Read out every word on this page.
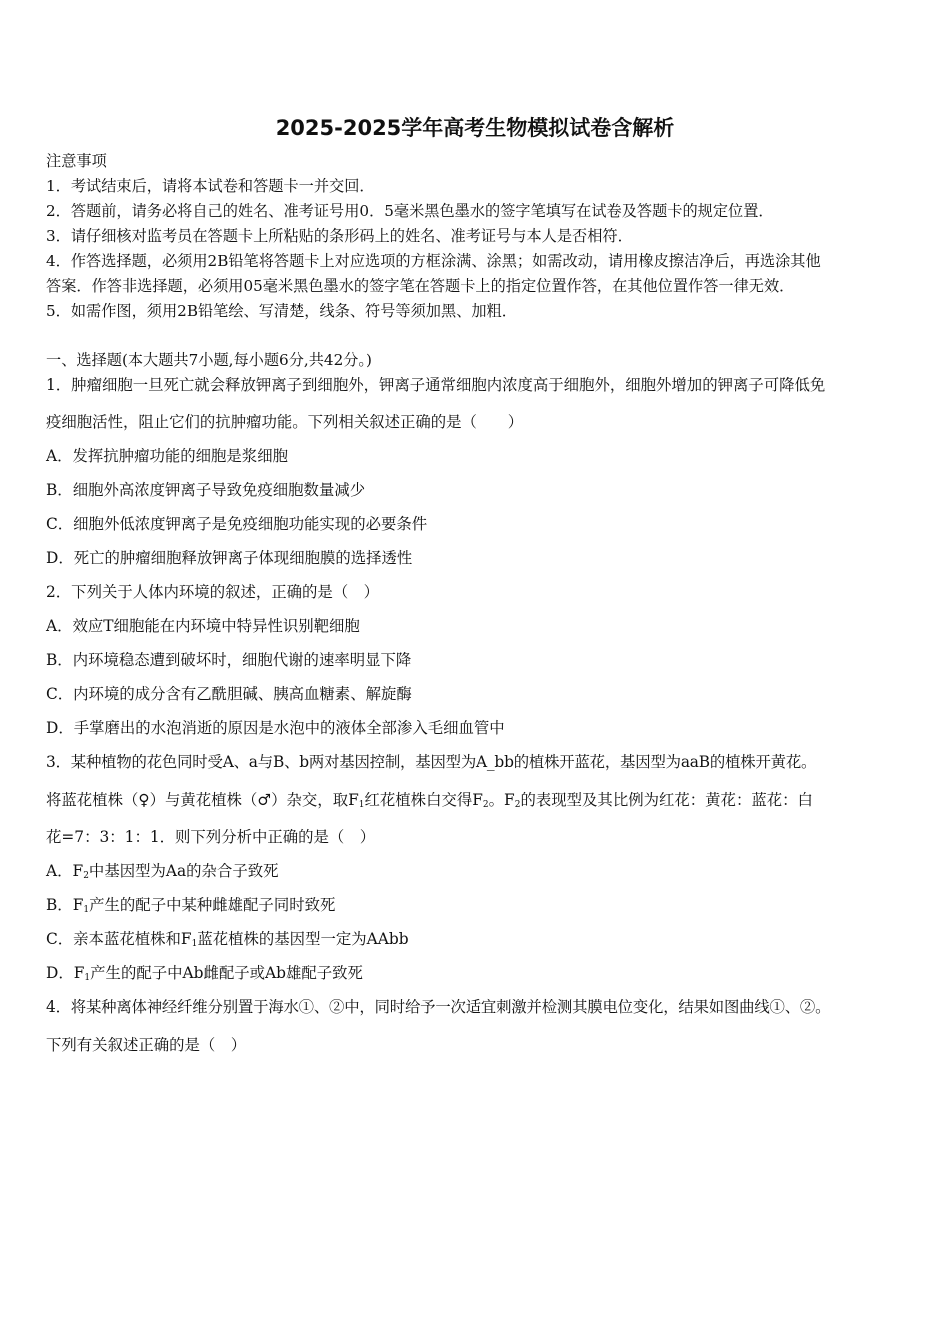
2025-2025学年高考生物模拟试卷含解析
注意事项
1．考试结束后，请将本试卷和答题卡一并交回．
2．答题前，请务必将自己的姓名、准考证号用0．5毫米黑色墨水的签字笔填写在试卷及答题卡的规定位置．
3．请仔细核对监考员在答题卡上所粘贴的条形码上的姓名、准考证号与本人是否相符．
4．作答选择题，必须用2B铅笔将答题卡上对应选项的方框涂满、涂黑；如需改动，请用橡皮擦洁净后，再选涂其他
答案．作答非选择题，必须用05毫米黑色墨水的签字笔在答题卡上的指定位置作答，在其他位置作答一律无效．
5．如需作图，须用2B铅笔绘、写清楚，线条、符号等须加黑、加粗．
一、选择题(本大题共7小题,每小题6分,共42分。)
1．肿瘤细胞一旦死亡就会释放钾离子到细胞外，钾离子通常细胞内浓度高于细胞外，细胞外增加的钾离子可降低免
疫细胞活性，阻止它们的抗肿瘤功能。下列相关叙述正确的是（　　）
A．发挥抗肿瘤功能的细胞是浆细胞
B．细胞外高浓度钾离子导致免疫细胞数量减少
C．细胞外低浓度钾离子是免疫细胞功能实现的必要条件
D．死亡的肿瘤细胞释放钾离子体现细胞膜的选择透性
2．下列关于人体内环境的叙述，正确的是（　）
A．效应T细胞能在内环境中特异性识别靶细胞
B．内环境稳态遭到破坏时，细胞代谢的速率明显下降
C．内环境的成分含有乙酰胆碱、胰高血糖素、解旋酶
D．手掌磨出的水泡消逝的原因是水泡中的液体全部渗入毛细血管中
3．某种植物的花色同时受A、a与B、b两对基因控制，基因型为A_bb的植株开蓝花，基因型为aaB的植株开黄花。
将蓝花植株（♀）与黄花植株（♂）杂交，取$F_1$红花植株白交得$F_2$。$F_2$的表现型及其比例为红花：黄花：蓝花：白
花=7：3：1：1．则下列分析中正确的是（　）
A．$F_2$中基因型为Aa的杂合子致死
B．$F_1$产生的配子中某种雌雄配子同时致死
C．亲本蓝花植株和$F_1$蓝花植株的基因型一定为AAbb
D．$F_1$产生的配子中Ab雌配子或Ab雄配子致死
4．将某种离体神经纤维分别置于海水①、②中，同时给予一次适宜刺激并检测其膜电位变化，结果如图曲线①、②。
下列有关叙述正确的是（　）
